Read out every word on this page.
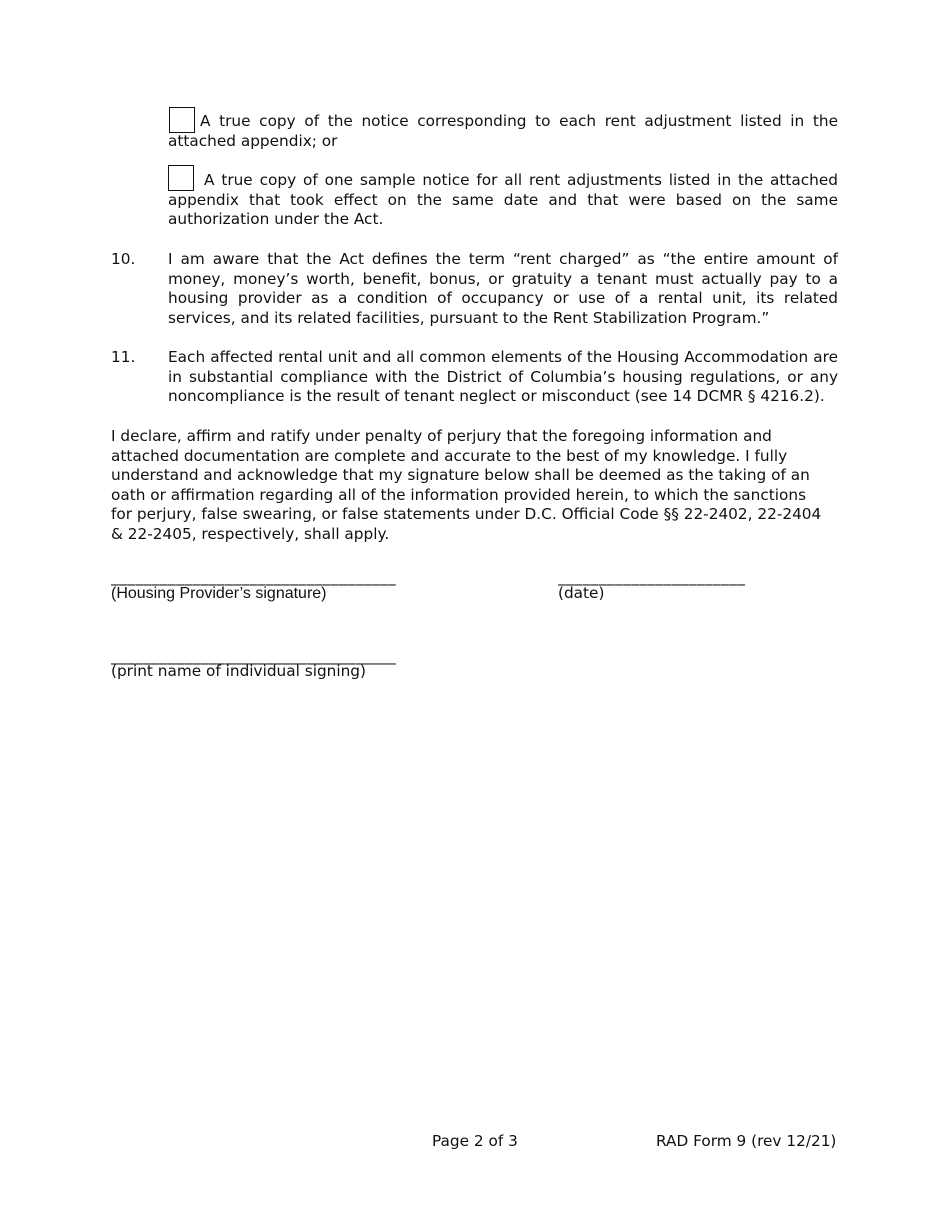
A true copy of the notice corresponding to each rent adjustment listed in the attached appendix; or

A true copy of one sample notice for all rent adjustments listed in the attached appendix that took effect on the same date and that were based on the same authorization under the Act.

10. I am aware that the Act defines the term “rent charged” as “the entire amount of money, money’s worth, benefit, bonus, or gratuity a tenant must actually pay to a housing provider as a condition of occupancy or use of a rental unit, its related services, and its related facilities, pursuant to the Rent Stabilization Program.”

11. Each affected rental unit and all common elements of the Housing Accommodation are in substantial compliance with the District of Columbia’s housing regulations, or any noncompliance is the result of tenant neglect or misconduct (see 14 DCMR § 4216.2).

I declare, affirm and ratify under penalty of perjury that the foregoing information and attached documentation are complete and accurate to the best of my knowledge. I fully understand and acknowledge that my signature below shall be deemed as the taking of an oath or affirmation regarding all of the information provided herein, to which the sanctions for perjury, false swearing, or false statements under D.C. Official Code §§ 22-2402, 22-2404 & 22-2405, respectively, shall apply.

___________________________________
(Housing Provider’s signature)
_______________________
(date)
___________________________________
(print name of individual signing)
Page 2 of 3	RAD Form 9 (rev 12/21)
